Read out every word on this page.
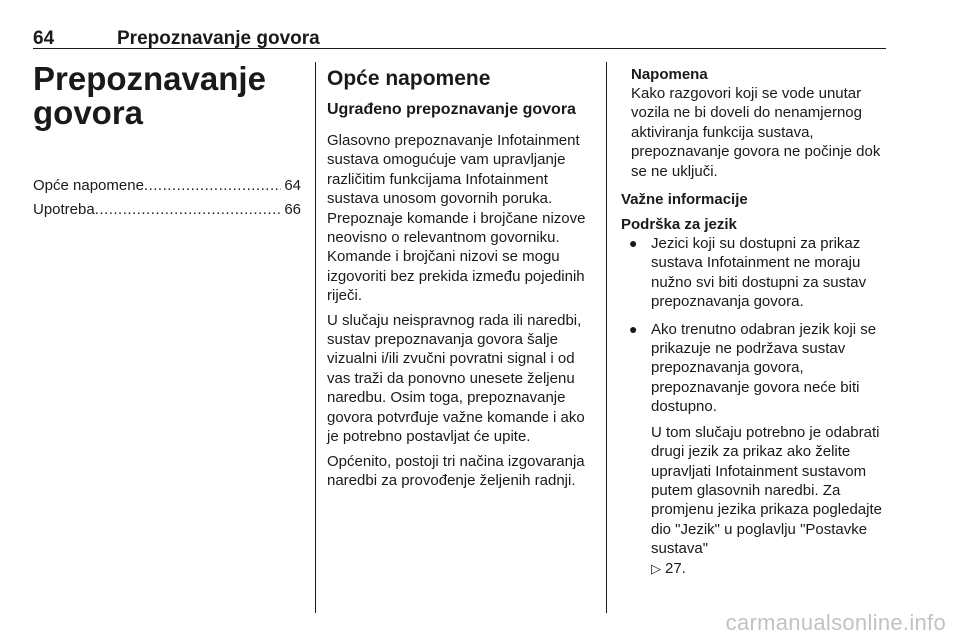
64	Prepoznavanje govora
Prepoznavanje
govora
Opće napomene .....	64
Upotreba .....	66
Opće napomene
Ugrađeno prepoznavanje govora

Glasovno prepoznavanje Infotainment sustava omogućuje vam upravljanje različitim funkcijama Infotainment sustava unosom govornih poruka. Prepoznaje komande i brojčane nizove neovisno o relevantnom govorniku. Komande i brojčani nizovi se mogu izgovoriti bez prekida između pojedinih riječi.

U slučaju neispravnog rada ili naredbi, sustav prepoznavanja govora šalje vizualni i/ili zvučni povratni signal i od vas traži da ponovno unesete željenu naredbu. Osim toga, prepoznavanje govora potvrđuje važne komande i ako je potrebno postavljat će upite.

Općenito, postoji tri načina izgovaranja naredbi za provođenje željenih radnji.

Napomena
Kako razgovori koji se vode unutar vozila ne bi doveli do nenamjernog aktiviranja funkcija sustava, prepoznavanje govora ne počinje dok se ne uključi.
Važne informacije
Podrška za jezik
● Jezici koji su dostupni za prikaz sustava Infotainment ne moraju nužno svi biti dostupni za sustav prepoznavanja govora.
● Ako trenutno odabran jezik koji se prikazuje ne podržava sustav prepoznavanja govora, prepoznavanje govora neće biti dostupno.
U tom slučaju potrebno je odabrati drugi jezik za prikaz ako želite upravljati Infotainment sustavom putem glasovnih naredbi. Za promjenu jezika prikaza pogledajte dio "Jezik" u poglavlju "Postavke sustava"
▷ 27.
carmanualsonline.info
